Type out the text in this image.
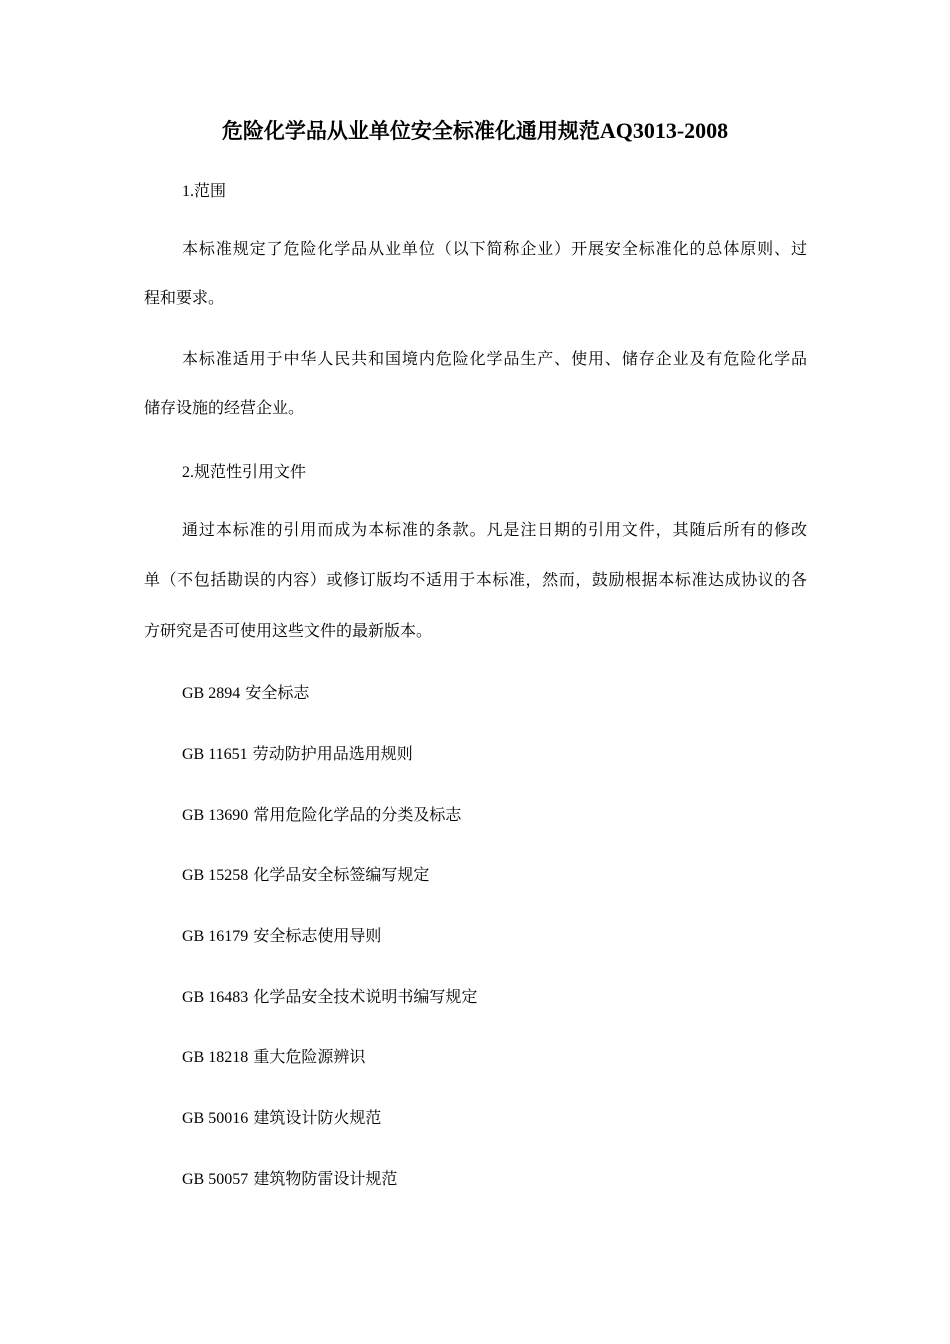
危险化学品从业单位安全标准化通用规范AQ3013-2008
1.范围
本标准规定了危险化学品从业单位（以下简称企业）开展安全标准化的总体原则、过
程和要求。
本标准适用于中华人民共和国境内危险化学品生产、使用、储存企业及有危险化学品
储存设施的经营企业。
2.规范性引用文件
通过本标准的引用而成为本标准的条款。凡是注日期的引用文件，其随后所有的修改
单（不包括勘误的内容）或修订版均不适用于本标准，然而，鼓励根据本标准达成协议的各
方研究是否可使用这些文件的最新版本。
GB 2894 安全标志
GB 11651 劳动防护用品选用规则
GB 13690 常用危险化学品的分类及标志
GB 15258 化学品安全标签编写规定
GB 16179 安全标志使用导则
GB 16483 化学品安全技术说明书编写规定
GB 18218 重大危险源辨识
GB 50016 建筑设计防火规范
GB 50057 建筑物防雷设计规范
